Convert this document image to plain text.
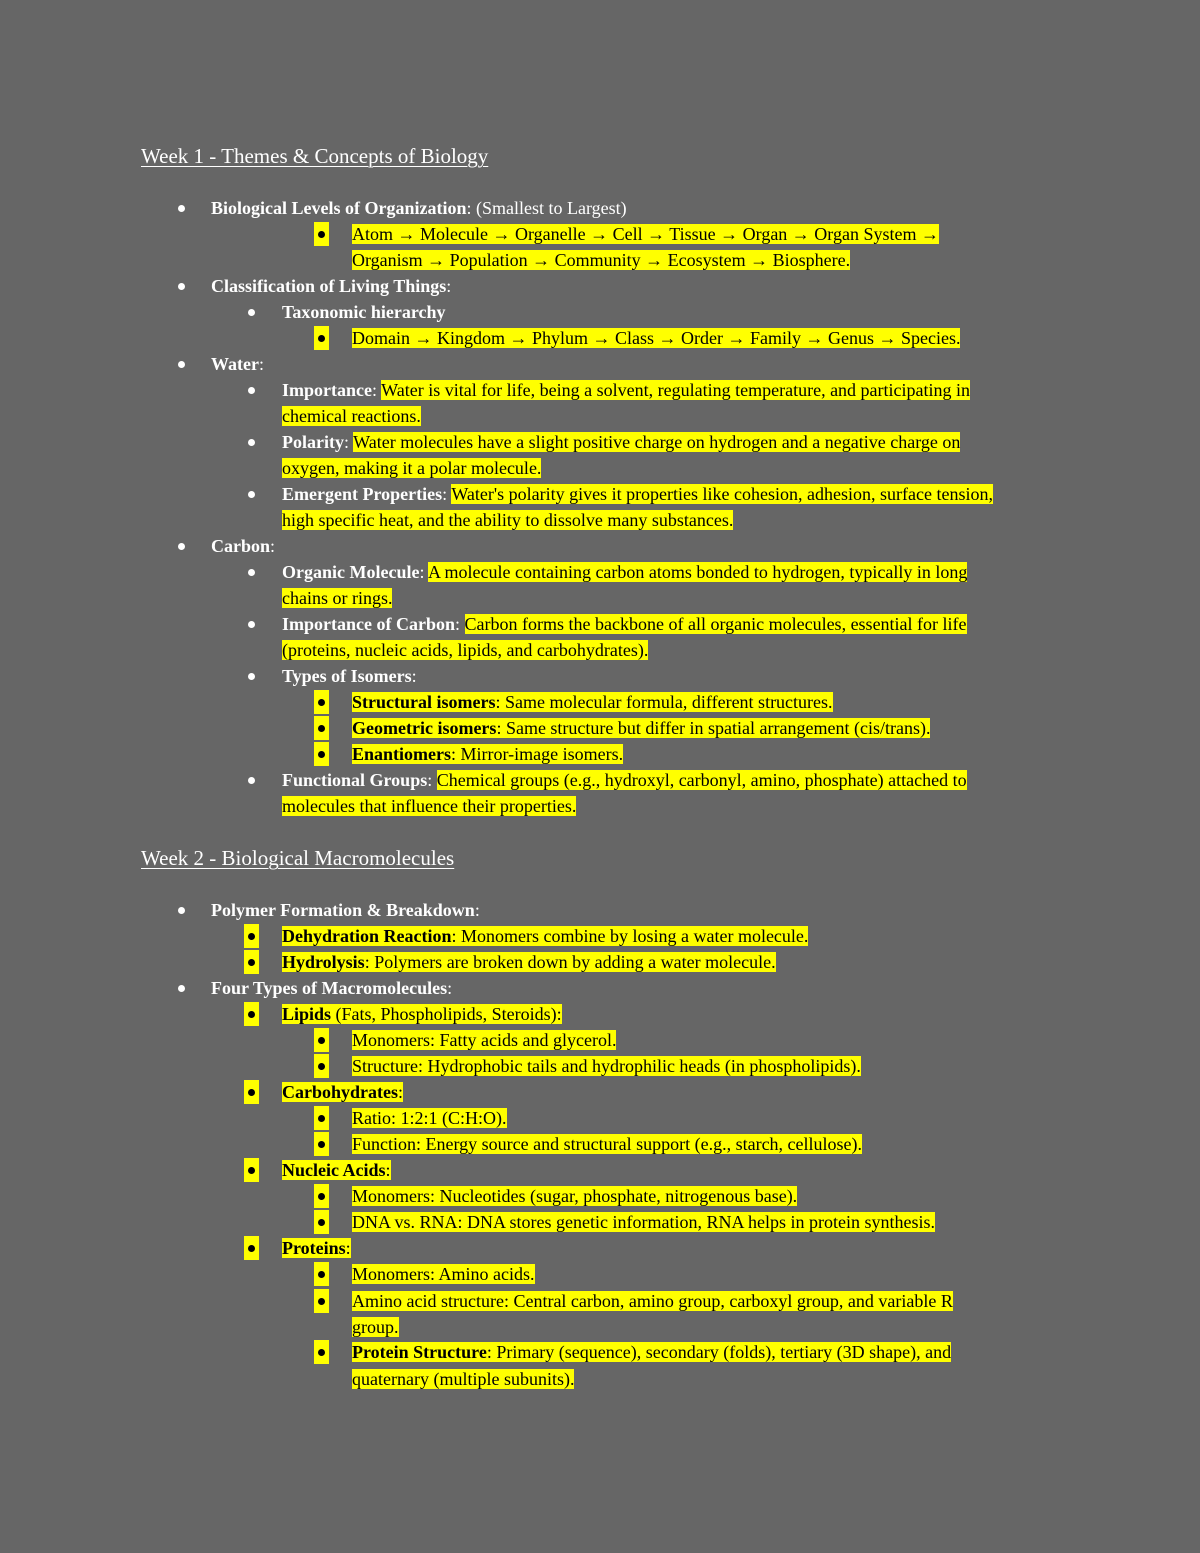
Week 1 - Themes & Concepts of Biology
Biological Levels of Organization: (Smallest to Largest)
Atom → Molecule → Organelle → Cell → Tissue → Organ → Organ System →
Organism → Population → Community → Ecosystem → Biosphere.
Classification of Living Things:
Taxonomic hierarchy
Domain → Kingdom → Phylum → Class → Order → Family → Genus → Species.
Water:
Importance: Water is vital for life, being a solvent, regulating temperature, and participating in
chemical reactions.
Polarity: Water molecules have a slight positive charge on hydrogen and a negative charge on
oxygen, making it a polar molecule.
Emergent Properties: Water's polarity gives it properties like cohesion, adhesion, surface tension,
high specific heat, and the ability to dissolve many substances.
Carbon:
Organic Molecule: A molecule containing carbon atoms bonded to hydrogen, typically in long
chains or rings.
Importance of Carbon: Carbon forms the backbone of all organic molecules, essential for life
(proteins, nucleic acids, lipids, and carbohydrates).
Types of Isomers:
Structural isomers: Same molecular formula, different structures.
Geometric isomers: Same structure but differ in spatial arrangement (cis/trans).
Enantiomers: Mirror-image isomers.
Functional Groups: Chemical groups (e.g., hydroxyl, carbonyl, amino, phosphate) attached to
molecules that influence their properties.
Week 2 - Biological Macromolecules
Polymer Formation & Breakdown:
Dehydration Reaction: Monomers combine by losing a water molecule.
Hydrolysis: Polymers are broken down by adding a water molecule.
Four Types of Macromolecules:
Lipids (Fats, Phospholipids, Steroids):
Monomers: Fatty acids and glycerol.
Structure: Hydrophobic tails and hydrophilic heads (in phospholipids).
Carbohydrates:
Ratio: 1:2:1 (C:H:O).
Function: Energy source and structural support (e.g., starch, cellulose).
Nucleic Acids:
Monomers: Nucleotides (sugar, phosphate, nitrogenous base).
DNA vs. RNA: DNA stores genetic information, RNA helps in protein synthesis.
Proteins:
Monomers: Amino acids.
Amino acid structure: Central carbon, amino group, carboxyl group, and variable R
group.
Protein Structure: Primary (sequence), secondary (folds), tertiary (3D shape), and
quaternary (multiple subunits).
